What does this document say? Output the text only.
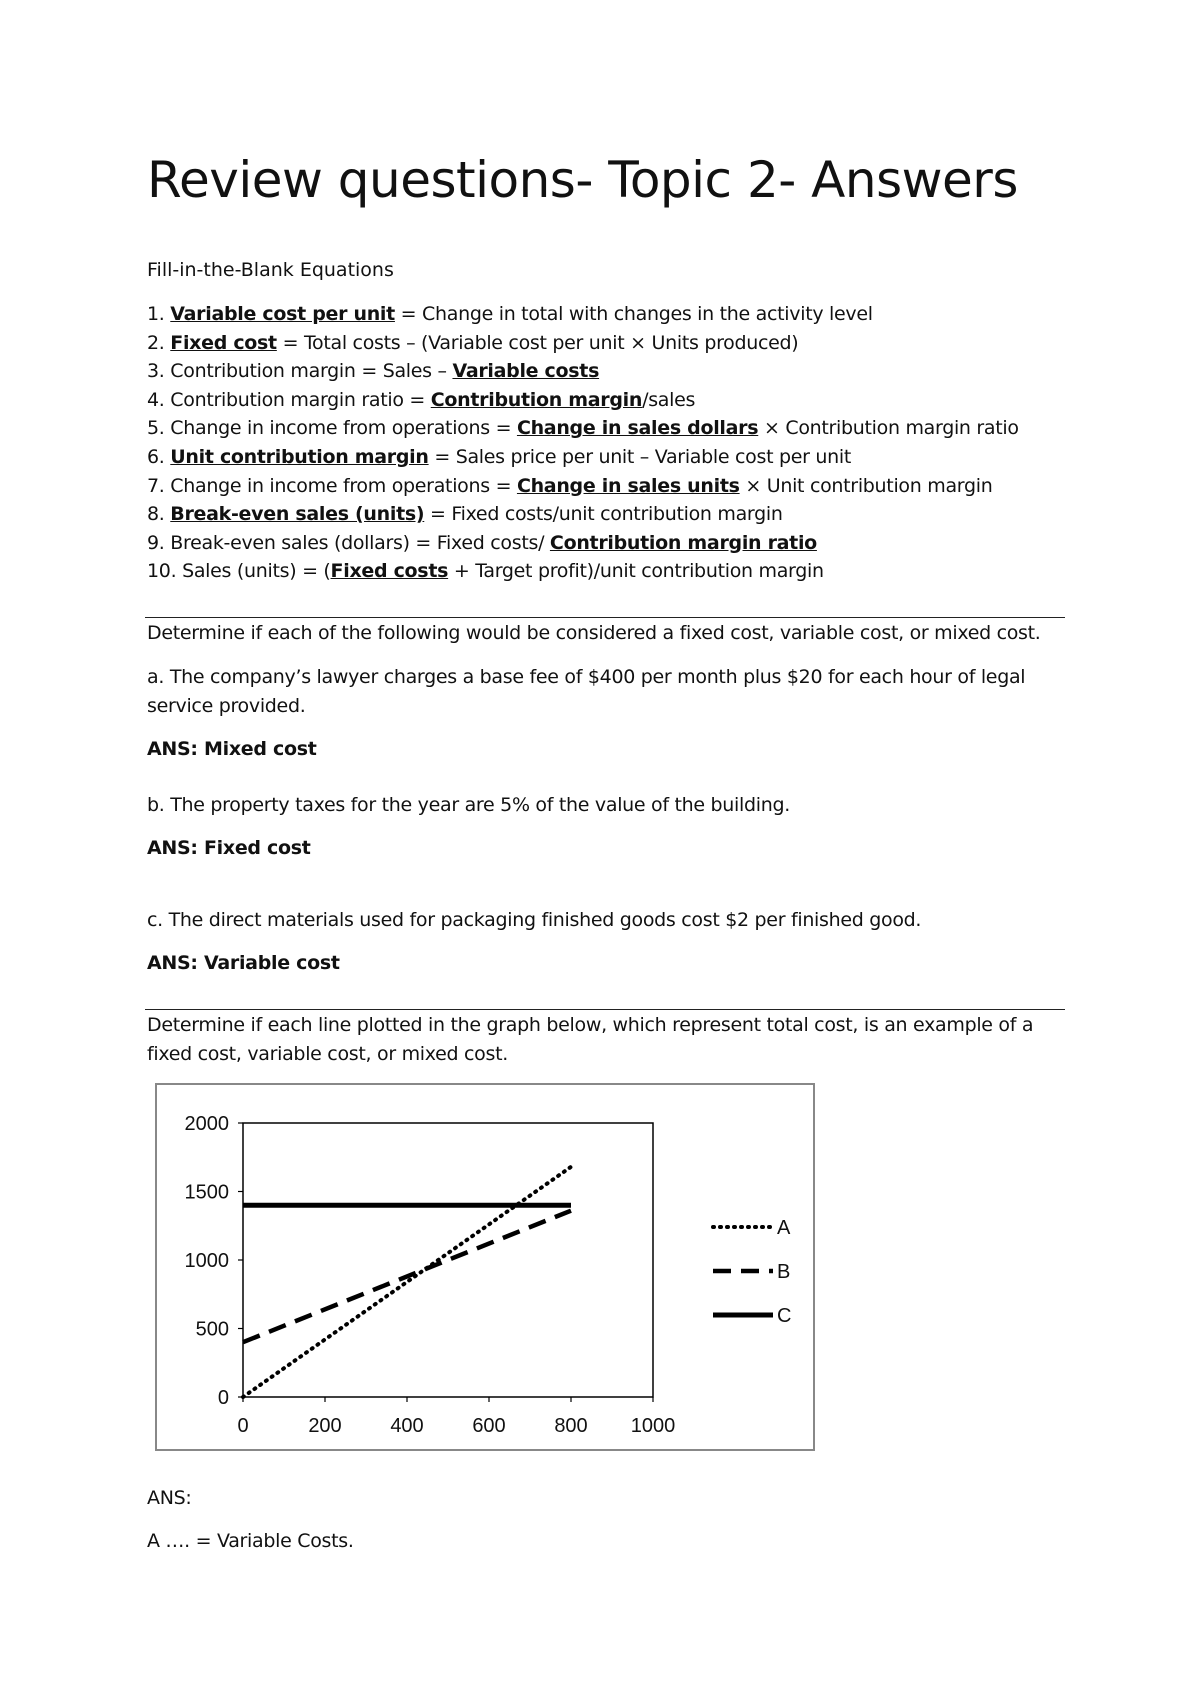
Review questions- Topic 2- Answers
Fill-in-the-Blank Equations
1. Variable cost per unit = Change in total with changes in the activity level
2. Fixed cost = Total costs – (Variable cost per unit × Units produced)
3. Contribution margin = Sales – Variable costs
4. Contribution margin ratio = Contribution margin/sales
5. Change in income from operations = Change in sales dollars × Contribution margin ratio
6. Unit contribution margin = Sales price per unit – Variable cost per unit
7. Change in income from operations = Change in sales units × Unit contribution margin
8. Break-even sales (units) = Fixed costs/unit contribution margin
9. Break-even sales (dollars) = Fixed costs/ Contribution margin ratio
10. Sales (units) = (Fixed costs + Target profit)/unit contribution margin
Determine if each of the following would be considered a fixed cost, variable cost, or mixed cost.
a. The company’s lawyer charges a base fee of $400 per month plus $20 for each hour of legal service provided.
ANS: Mixed cost
b. The property taxes for the year are 5% of the value of the building.
ANS: Fixed cost
c. The direct materials used for packaging finished goods cost $2 per finished good.
ANS: Variable cost
Determine if each line plotted in the graph below, which represent total cost, is an example of a fixed cost, variable cost, or mixed cost.
0
500
1000
1500
2000
0	200 400 600 800 1000
A
B
C
ANS:
A …. = Variable Costs.
